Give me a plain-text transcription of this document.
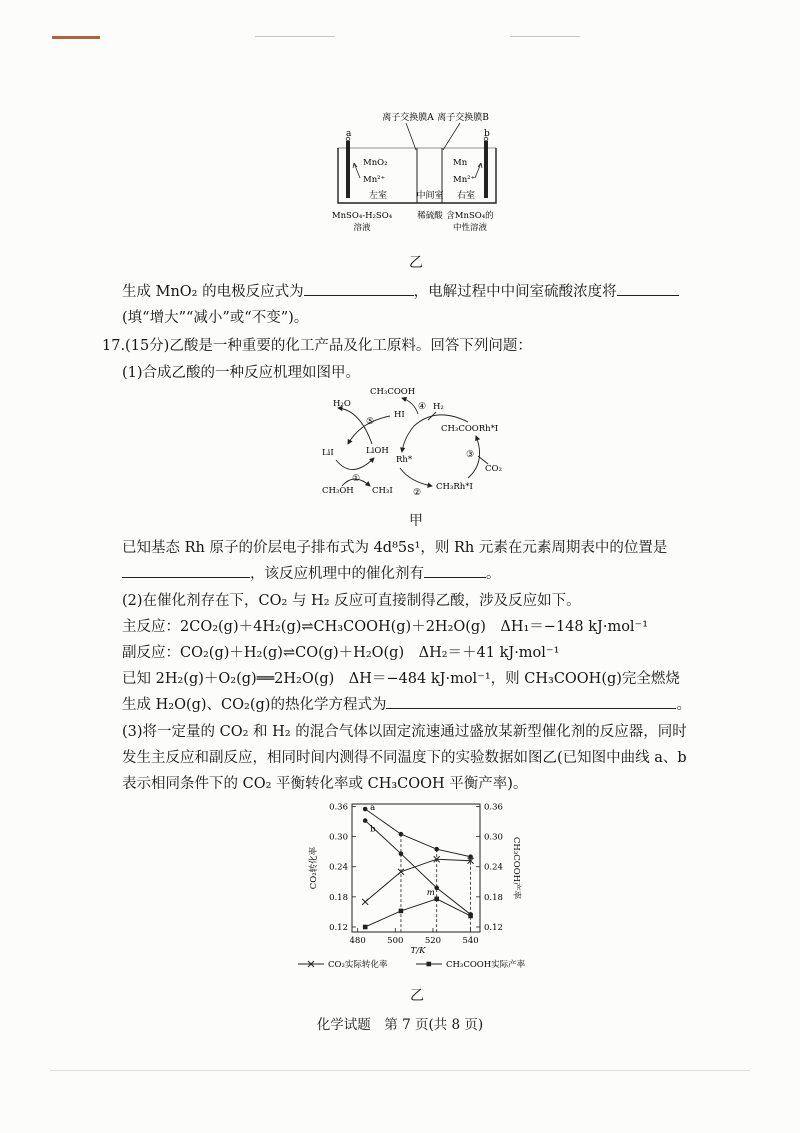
离子交换膜A 离子交换膜B
a	b
MnO₂
Mn²⁺
Mn
Mn²⁺
左室	中间室 右室
MnSO₄-H₂SO₄
溶液
稀硫酸 含MnSO₄的
中性溶液
乙
生成 MnO₂ 的电极反应式为	，电解过程中中间室硫酸浓度将
(填“增大”“减小”或“不变”)。
17.(15分)乙酸是一种重要的化工产品及化工原料。回答下列问题：
(1)合成乙酸的一种反应机理如图甲。
CH₃COOH
H₂O
HI
H₂
CH₃COORh*I
LiI	LiOH
Rh*
CO₂
CH₃OH CH₃I	CH₃Rh*I
⑤
①
②
③
④
甲
已知基态 Rh 原子的价层电子排布式为 4d⁸5s¹，则 Rh 元素在元素周期表中的位置是
，该反应机理中的催化剂有	。
(2)在催化剂存在下，CO₂ 与 H₂ 反应可直接制得乙酸，涉及反应如下。
主反应：2CO₂(g)＋4H₂(g)⇌CH₃COOH(g)＋2H₂O(g)　ΔH₁＝−148 kJ·mol⁻¹
副反应：CO₂(g)＋H₂(g)⇌CO(g)＋H₂O(g)　ΔH₂＝＋41 kJ·mol⁻¹
已知 2H₂(g)＋O₂(g)══2H₂O(g)　ΔH＝−484 kJ·mol⁻¹，则 CH₃COOH(g)完全燃烧
生成 H₂O(g)、CO₂(g)的热化学方程式为	。
(3)将一定量的 CO₂ 和 H₂ 的混合气体以固定流速通过盛放某新型催化剂的反应器，同时
发生主反应和副反应，相同时间内测得不同温度下的实验数据如图乙(已知图中曲线 a、b
表示相同条件下的 CO₂ 平衡转化率或 CH₃COOH 平衡产率)。
a
b
m
0.12	0.12
0.18	0.18
0.24	0.24
0.30	0.30
0.36	0.36
480	500	520	540
T/K
CO₂转化率	CH₃COOH产率
CO₂实际转化率	CH₃COOH实际产率
乙
化学试题　第 7 页(共 8 页)
